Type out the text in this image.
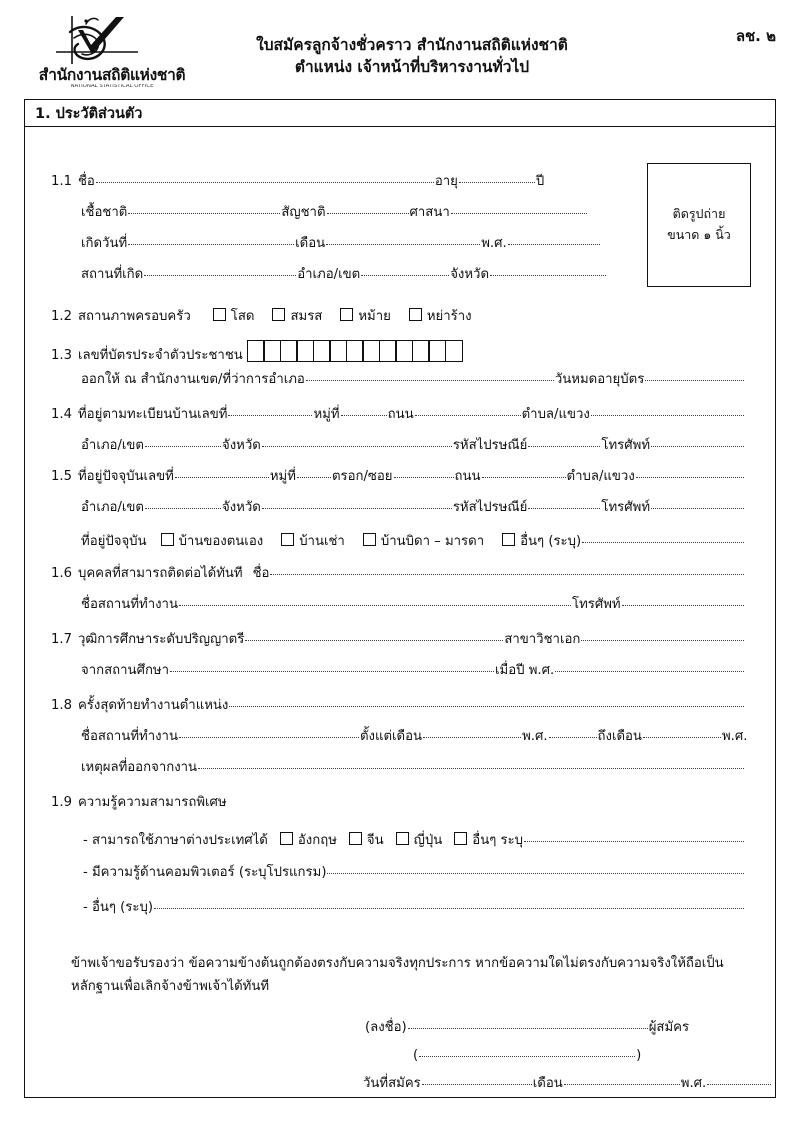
สำนักงานสถิติแห่งชาติ
NATIONAL STATISTICAL OFFICE
ใบสมัครลูกจ้างชั่วคราว สำนักงานสถิติแห่งชาติ
ตำแหน่ง เจ้าหน้าที่บริหารงานทั่วไป
ลช. ๒
1. ประวัติส่วนตัว
ติดรูปถ่าย
ขนาด ๑ นิ้ว
1.1 ชื่อ	อายุ	ปี
เชื้อชาติ	สัญชาติ	ศาสนา
เกิดวันที่	เดือน	พ.ศ.
สถานที่เกิด	อำเภอ/เขต	จังหวัด
1.2 สถานภาพครอบครัว	โสด	สมรส	หม้าย	หย่าร้าง
1.3 เลขที่บัตรประจำตัวประชาชน
ออกให้ ณ สำนักงานเขต/ที่ว่าการอำเภอ	วันหมดอายุบัตร
1.4 ที่อยู่ตามทะเบียนบ้านเลขที่	หมู่ที่	ถนน	ตำบล/แขวง
อำเภอ/เขต	จังหวัด	รหัสไปรษณีย์	โทรศัพท์
1.5 ที่อยู่ปัจจุบันเลขที่	หมู่ที่	ตรอก/ซอย	ถนน	ตำบล/แขวง
อำเภอ/เขต	จังหวัด	รหัสไปรษณีย์	โทรศัพท์
ที่อยู่ปัจจุบัน บ้านของตนเอง	บ้านเช่า	บ้านบิดา – มารดา	อื่นๆ (ระบุ)
1.6 บุคคลที่สามารถติดต่อได้ทันที ชื่อ
ชื่อสถานที่ทำงาน	โทรศัพท์
1.7 วุฒิการศึกษาระดับปริญญาตรี	สาขาวิชาเอก
จากสถานศึกษา	เมื่อปี พ.ศ.
1.8 ครั้งสุดท้ายทำงานตำแหน่ง
ชื่อสถานที่ทำงาน	ตั้งแต่เดือน	พ.ศ.	ถึงเดือน	พ.ศ.
เหตุผลที่ออกจากงาน
1.9 ความรู้ความสามารถพิเศษ
- สามารถใช้ภาษาต่างประเทศได้ อังกฤษ จีน ญี่ปุ่น อื่นๆ ระบุ
- มีความรู้ด้านคอมพิวเตอร์ (ระบุโปรแกรม)
- อื่นๆ (ระบุ)
ข้าพเจ้าขอรับรองว่า ข้อความข้างต้นถูกต้องตรงกับความจริงทุกประการ หากข้อความใดไม่ตรงกับความจริงให้ถือเป็น
หลักฐานเพื่อเลิกจ้างข้าพเจ้าได้ทันที
(ลงชื่อ)	ผู้สมัคร
(	)
วันที่สมัคร	เดือน	พ.ศ.
